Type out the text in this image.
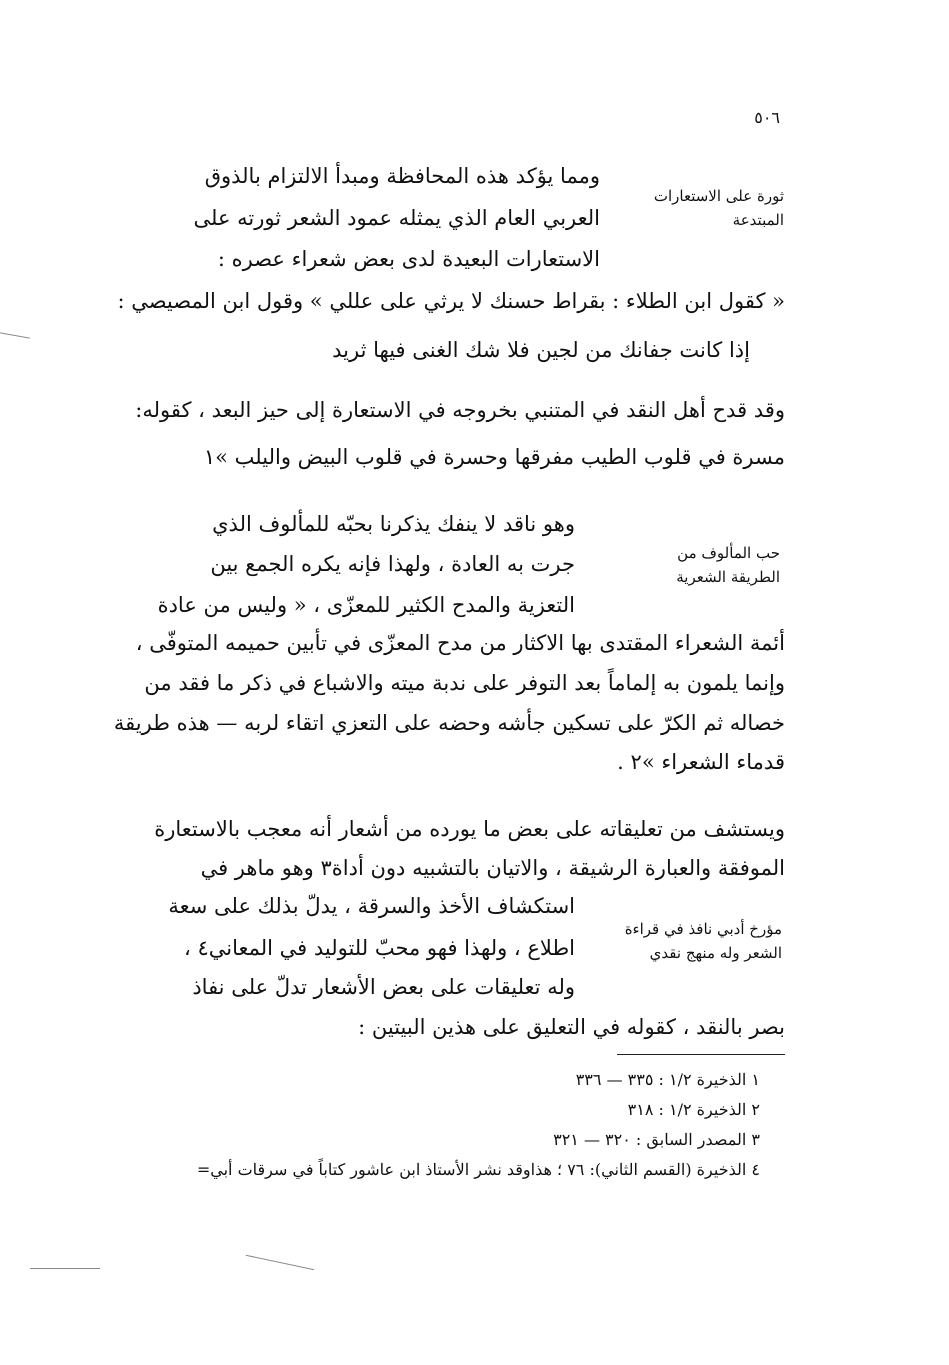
٥٠٦
ثورة على الاستعارات
المبتدعة
ومما يؤكد هذه المحافظة ومبدأ الالتزام بالذوق
العربي العام الذي يمثله عمود الشعر ثورته على
الاستعارات البعيدة لدى بعض شعراء عصره :
« كقول ابن الطلاء : بقراط حسنك لا يرثي على عللي » وقول ابن المصيصي :
إذا كانت جفانك من لجين فلا شك الغنى فيها ثريد
وقد قدح أهل النقد في المتنبي بخروجه في الاستعارة إلى حيز البعد ، كقوله:
مسرة في قلوب الطيب مفرقها وحسرة في قلوب البيض واليلب »١
حب المألوف من
الطريقة الشعرية
وهو ناقد لا ينفك يذكرنا بحبّه للمألوف الذي
جرت به العادة ، ولهذا فإنه يكره الجمع بين
التعزية والمدح الكثير للمعزّى ، « وليس من عادة
أئمة الشعراء المقتدى بها الاكثار من مدح المعزّى في تأبين حميمه المتوفّى ،
وإنما يلمون به إلماماً بعد التوفر على ندبة ميته والاشباع في ذكر ما فقد من
خصاله ثم الكرّ على تسكين جأشه وحضه على التعزي اتقاء لربه — هذه طريقة
قدماء الشعراء »٢ .
ويستشف من تعليقاته على بعض ما يورده من أشعار أنه معجب بالاستعارة
الموفقة والعبارة الرشيقة ، والاتيان بالتشبيه دون أداة٣ وهو ماهر في
مؤرخ أدبي نافذ في قراءة
الشعر وله منهج نقدي
استكشاف الأخذ والسرقة ، يدلّ بذلك على سعة
اطلاع ، ولهذا فهو محبّ للتوليد في المعاني٤ ،
وله تعليقات على بعض الأشعار تدلّ على نفاذ
بصر بالنقد ، كقوله في التعليق على هذين البيتين :
١ الذخيرة ١/٢ : ٣٣٥ — ٣٣٦
٢ الذخيرة ١/٢ : ٣١٨
٣ المصدر السابق : ٣٢٠ — ٣٢١
٤ الذخيرة (القسم الثاني): ٧٦ ؛ هذاوقد نشر الأستاذ ابن عاشور كتاباً في سرقات أبي=
